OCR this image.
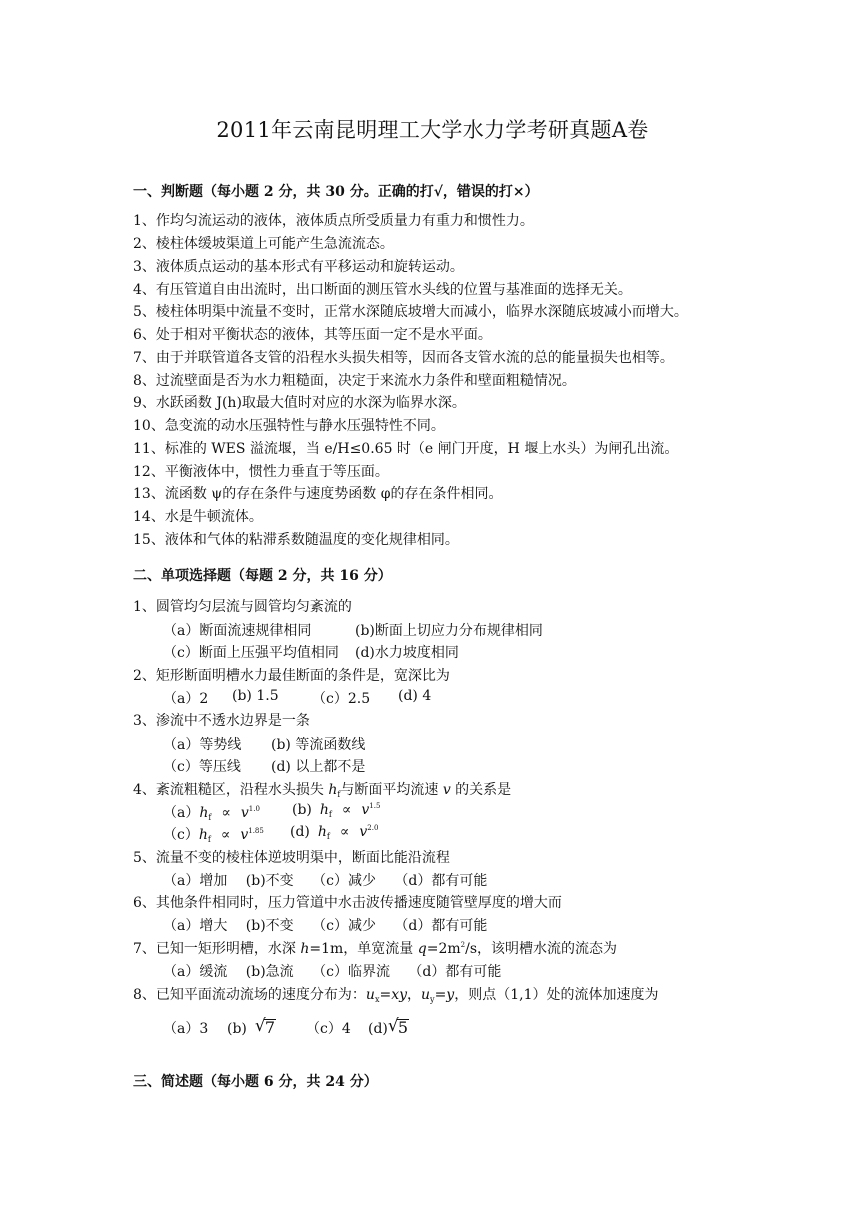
2011年云南昆明理工大学水力学考研真题A卷
一、判断题（每小题 2 分，共 30 分。正确的打√，错误的打×）
1、作均匀流运动的液体，液体质点所受质量力有重力和惯性力。
2、棱柱体缓坡渠道上可能产生急流流态。
3、液体质点运动的基本形式有平移运动和旋转运动。
4、有压管道自由出流时，出口断面的测压管水头线的位置与基准面的选择无关。
5、棱柱体明渠中流量不变时，正常水深随底坡增大而减小，临界水深随底坡减小而增大。
6、处于相对平衡状态的液体，其等压面一定不是水平面。
7、由于并联管道各支管的沿程水头损失相等，因而各支管水流的总的能量损失也相等。
8、过流壁面是否为水力粗糙面，决定于来流水力条件和壁面粗糙情况。
9、水跃函数 J(h)取最大值时对应的水深为临界水深。
10、急变流的动水压强特性与静水压强特性不同。
11、标准的 WES 溢流堰，当 e/H≤0.65 时（e 闸门开度，H 堰上水头）为闸孔出流。
12、平衡液体中，惯性力垂直于等压面。
13、流函数 ψ的存在条件与速度势函数 φ的存在条件相同。
14、水是牛顿流体。
15、液体和气体的粘滞系数随温度的变化规律相同。
二、单项选择题（每题 2 分，共 16 分）
1、圆管均匀层流与圆管均匀紊流的
（a）断面流速规律相同	(b)断面上切应力分布规律相同
（c）断面上压强平均值相同 (d)水力坡度相同
2、矩形断面明槽水力最佳断面的条件是，宽深比为
（a）2 (b) 1.5 （c）2.5 (d) 4
3、渗流中不透水边界是一条
（a）等势线 (b) 等流函数线
（c）等压线 (d) 以上都不是
4、紊流粗糙区，沿程水头损失 $h_f$与断面平均流速 v 的关系是
$(a)h_f \propto v^{1.0}$ (b) $h_f \propto v^{1.5}$
$(c)h_f \propto v^{1.85}$ (d) $h_f \propto v^{2.0}$
5、流量不变的棱柱体逆坡明渠中，断面比能沿流程
（a）增加　 (b)不变　 （c）减少　 （d）都有可能
6、其他条件相同时，压力管道中水击波传播速度随管壁厚度的增大而
（a）增大　 (b)不变　 （c）减少　 （d）都有可能
7、已知一矩形明槽，水深 h=1m，单宽流量 $q=2m^2/s$，该明槽水流的流态为
（a）缓流　 (b)急流　 （c）临界流　 （d）都有可能
8、已知平面流动流场的速度分布为：$u_x=xy$，$u_y=y$，则点（1,1）处的流体加速度为
（a）3 (b) √ 7 （c）4 (d) √ 5
三、简述题（每小题 6 分，共 24 分）
